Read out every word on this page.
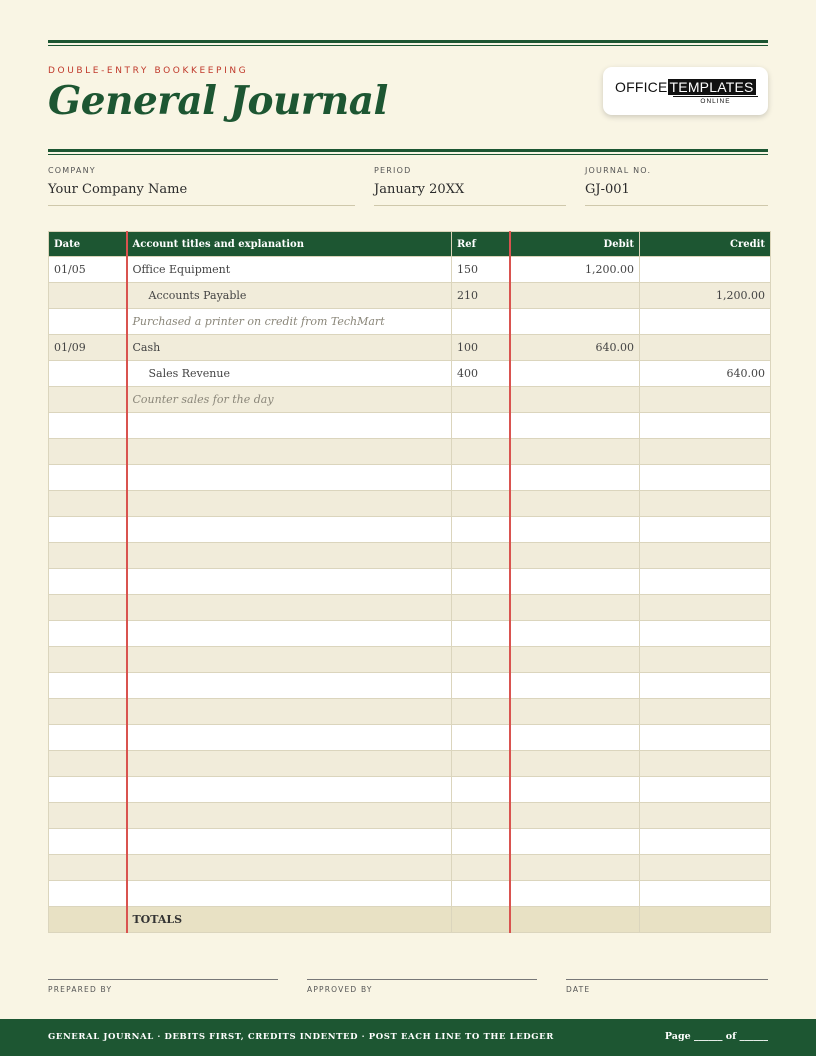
DOUBLE-ENTRY BOOKKEEPING
General Journal	OFFICE TEMPLATES
ONLINE
COMPANY
Your Company Name
PERIOD
January 20XX
JOURNAL NO.
GJ-001
Date	Account titles and explanation	Ref	Debit	Credit
01/05	Office Equipment	150	1,200.00	
	Accounts Payable	210		1,200.00
	Purchased a printer on credit from TechMart			
01/09	Cash	100	640.00	
	Sales Revenue	400		640.00
	Counter sales for the day			

	TOTALS			
PREPARED BY	APPROVED BY	DATE
GENERAL JOURNAL · DEBITS FIRST, CREDITS INDENTED · POST EACH LINE TO THE LEDGER	Page ______ of ______
